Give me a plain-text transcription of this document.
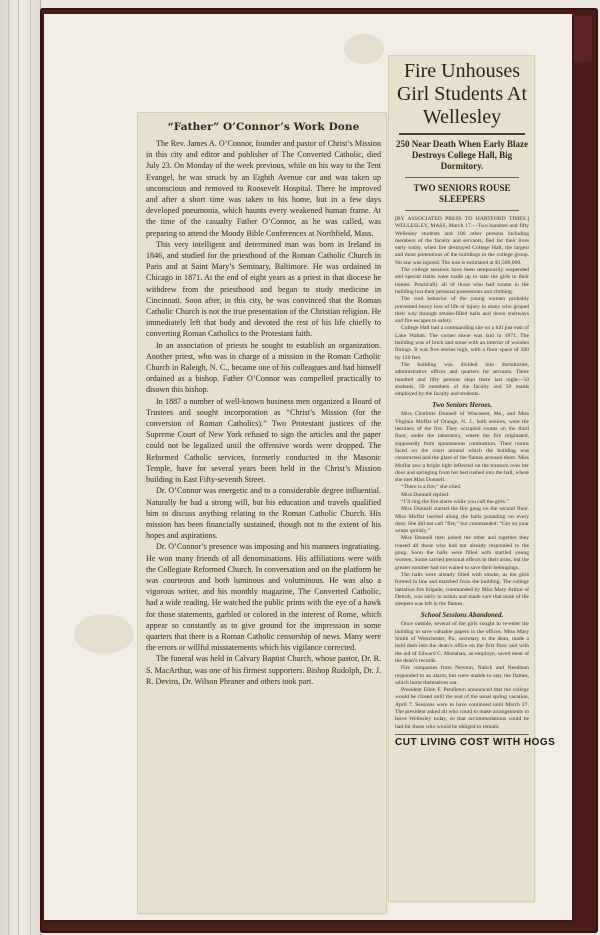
“Father” O’Connor’s Work Done

The Rev. James A. O’Connor, founder and pastor of Christ’s Mission in this city and editor and publisher of The Converted Catholic, died July 23. On Monday of the week previous, while on his way to the Tent Evangel, he was struck by an Eighth Avenue car and was taken up unconscious and removed to Roosevelt Hospital. There he improved and after a short time was taken to his home, but in a few days developed pneumonia, which haunts every weakened human frame. At the time of the casualty Father O’Connor, as he was called, was preparing to attend the Moody Bible Conferences at Northfield, Mass.

This very intelligent and determined man was born in Ireland in 1846, and studied for the priesthood of the Roman Catholic Church in Paris and at Saint Mary’s Seminary, Baltimore. He was ordained in Chicago in 1871. At the end of eight years as a priest in that diocese he withdrew from the priesthood and began to study medicine in Cincinnati. Soon after, in this city, he was convinced that the Roman Catholic Church is not the true presentation of the Christian religion. He immediately left that body and devoted the rest of his life chiefly to converting Roman Catholics to the Protestant faith.

In an association of priests he sought to establish an organization. Another priest, who was in charge of a mission in the Roman Catholic Church in Raleigh, N. C., became one of his colleagues and had himself ordained as a bishop. Father O’Connor was compelled practically to disown this bishop.

In 1887 a number of well-known business men organized a Board of Trustees and sought incorporation as “Christ’s Mission (for the conversion of Roman Catholics).” Two Protestant justices of the Supreme Court of New York refused to sign the articles and the paper could not be legalized until the offensive words were dropped. The Reformed Catholic services, formerly conducted in the Masonic Temple, have for several years been held in the Christ’s Mission building in East Fifty-seventh Street.

Dr. O’Connor was energetic and to a considerable degree influential. Naturally he had a strong will, but his education and travels qualified him to discuss anything relating to the Roman Catholic Church. His mission has been financially sustained, though not to the extent of his hopes and aspirations.

Dr. O’Connor’s presence was imposing and his manners ingratiating. He won many friends of all denominations. His affiliations were with the Collegiate Reformed Church. In conversation and on the platform he was courteous and both luminous and voluminous. He was also a vigorous writer, and his monthly magazine, The Converted Catholic, had a wide reading. He watched the public prints with the eye of a hawk for those statements, garbled or colored in the interest of Rome, which appear so constantly as to give ground for the impression in some quarters that there is a Roman Catholic censorship of news. Many were the errors or willful misstatements which his vigilance corrected.

The funeral was held in Calvary Baptist Church, whose pastor, Dr. R. S. MacArthur, was one of his firmest supporters. Bishop Rudolph, Dr. J. R. Devins, Dr. Wilson Phraner and others took part.

Fire Unhouses Girl Students At Wellesley
250 Near Death When Early Blaze Destroys College Hall, Big Dormitory.
TWO SENIORS ROUSE SLEEPERS

[BY ASSOCIATED PRESS TO HARTFORD TIMES.] WELLESLEY, MASS, March 17.—Two hundred and fifty Wellesley students and 100 other persons including members of the faculty and servants, fled for their lives early today, when fire destroyed College Hall, the largest and most pretentious of the buildings in the college group. No one was injured. The loss is estimated at $1,500,000.

The college sessions have been temporarily suspended and special trains were made up to take the girls to their homes. Practically all of those who had rooms in the building lost their personal possessions and clothing.

The cool behavior of the young women probably prevented heavy loss of life or injury to many who groped their way through smoke-filled halls and down stairways and fire escapes to safety.

College Hall had a commanding site on a hill just east of Lake Waban. The corner stone was laid in 1871. The building was of brick and stone with an interior of wooden fittings. It was five stories high, with a floor space of 500 by 120 feet.

The building was divided into dormitories, administrative offices and quarters for servants. Three hundred and fifty persons slept there last night—50 students, 50 members of the faculty and 50 maids employed by the faculty and students.

Two Seniors Heroes.

Miss Charlotte Donnell of Wiscasset, Me., and Miss Virginia Moffat of Orange, N. J., both seniors, were the heroines of the fire. They occupied rooms on the third floor, under the laboratory, where the fire originated, supposedly from spontaneous combustion. Their rooms faced on the court around which the building was constructed and the glare of the flames aroused them. Miss Moffat saw a bright light reflected on the transom over her door and springing from her bed rushed into the hall, where she met Miss Donnell.

“There is a fire,” she cried.

Miss Donnell replied:

“I’ll ring the fire alarm while you call the girls.”

Miss Donnell started the fire gong on the second floor. Miss Moffat hurried along the halls pounding on every door. She did not call “fire,” but commanded: “Get on your wraps quickly.”

Miss Donnell then joined the other and together they roused all those who had not already responded to the gong. Soon the halls were filled with startled young women. Some carried personal effects in their arms, but the greater number had not waited to save their belongings.

The halls were already filled with smoke, as the girls formed in line and marched from the building. The college battalion fire brigade, commanded by Miss Mary Arthur of Detroit, was early in action and made sure that none of the sleepers was left in the flames.

School Sessions Abandoned.

Once outside, several of the girls sought to re-enter the building to save valuable papers in the offices. Miss Mary Smith of Westchester, Pa., secretary to the dean, made a bold dash into the dean’s office on the first floor and with the aid of Edward C. Monahan, an employe, saved most of the dean’s records.

Fire companies from Newton, Natick and Needham responded to an alarm, but were unable to stay the flames, which burnt themselves out.

President Ellen F. Pendleton announced that the college would be closed until the end of the usual spring vacation, April 7. Sessions were to have continued until March 27. The president asked all who could to make arrangements to leave Wellesley today, so that accommodations could be had for those who would be obliged to remain.

CUT LIVING COST WITH HOGS
